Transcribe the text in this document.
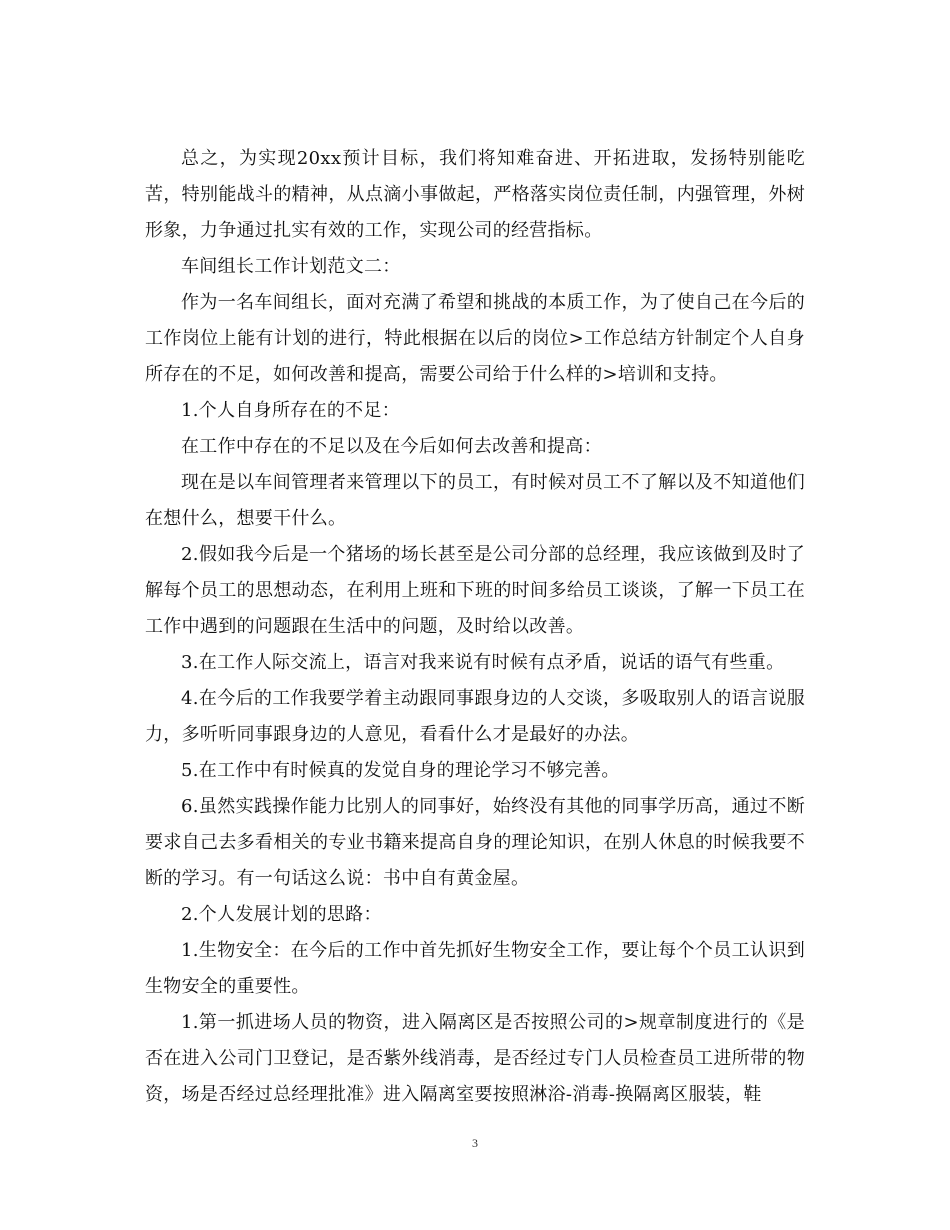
总之，为实现20xx预计目标，我们将知难奋进、开拓进取，发扬特别能吃苦，特别能战斗的精神，从点滴小事做起，严格落实岗位责任制，内强管理，外树形象，力争通过扎实有效的工作，实现公司的经营指标。

车间组长工作计划范文二：

作为一名车间组长，面对充满了希望和挑战的本质工作，为了使自己在今后的工作岗位上能有计划的进行，特此根据在以后的岗位>工作总结方针制定个人自身所存在的不足，如何改善和提高，需要公司给于什么样的>培训和支持。

1.个人自身所存在的不足：

在工作中存在的不足以及在今后如何去改善和提高：

现在是以车间管理者来管理以下的员工，有时候对员工不了解以及不知道他们在想什么，想要干什么。

2.假如我今后是一个猪场的场长甚至是公司分部的总经理，我应该做到及时了解每个员工的思想动态，在利用上班和下班的时间多给员工谈谈，了解一下员工在工作中遇到的问题跟在生活中的问题，及时给以改善。

3.在工作人际交流上，语言对我来说有时候有点矛盾，说话的语气有些重。

4.在今后的工作我要学着主动跟同事跟身边的人交谈，多吸取别人的语言说服力，多听听同事跟身边的人意见，看看什么才是最好的办法。

5.在工作中有时候真的发觉自身的理论学习不够完善。

6.虽然实践操作能力比别人的同事好，始终没有其他的同事学历高，通过不断要求自己去多看相关的专业书籍来提高自身的理论知识，在别人休息的时候我要不断的学习。有一句话这么说：书中自有黄金屋。

2.个人发展计划的思路：

1.生物安全：在今后的工作中首先抓好生物安全工作，要让每个个员工认识到生物安全的重要性。

1.第一抓进场人员的物资，进入隔离区是否按照公司的>规章制度进行的《是否在进入公司门卫登记，是否紫外线消毒，是否经过专门人员检查员工进所带的物资，场是否经过总经理批准》进入隔离室要按照淋浴-消毒-换隔离区服装，鞋

3
